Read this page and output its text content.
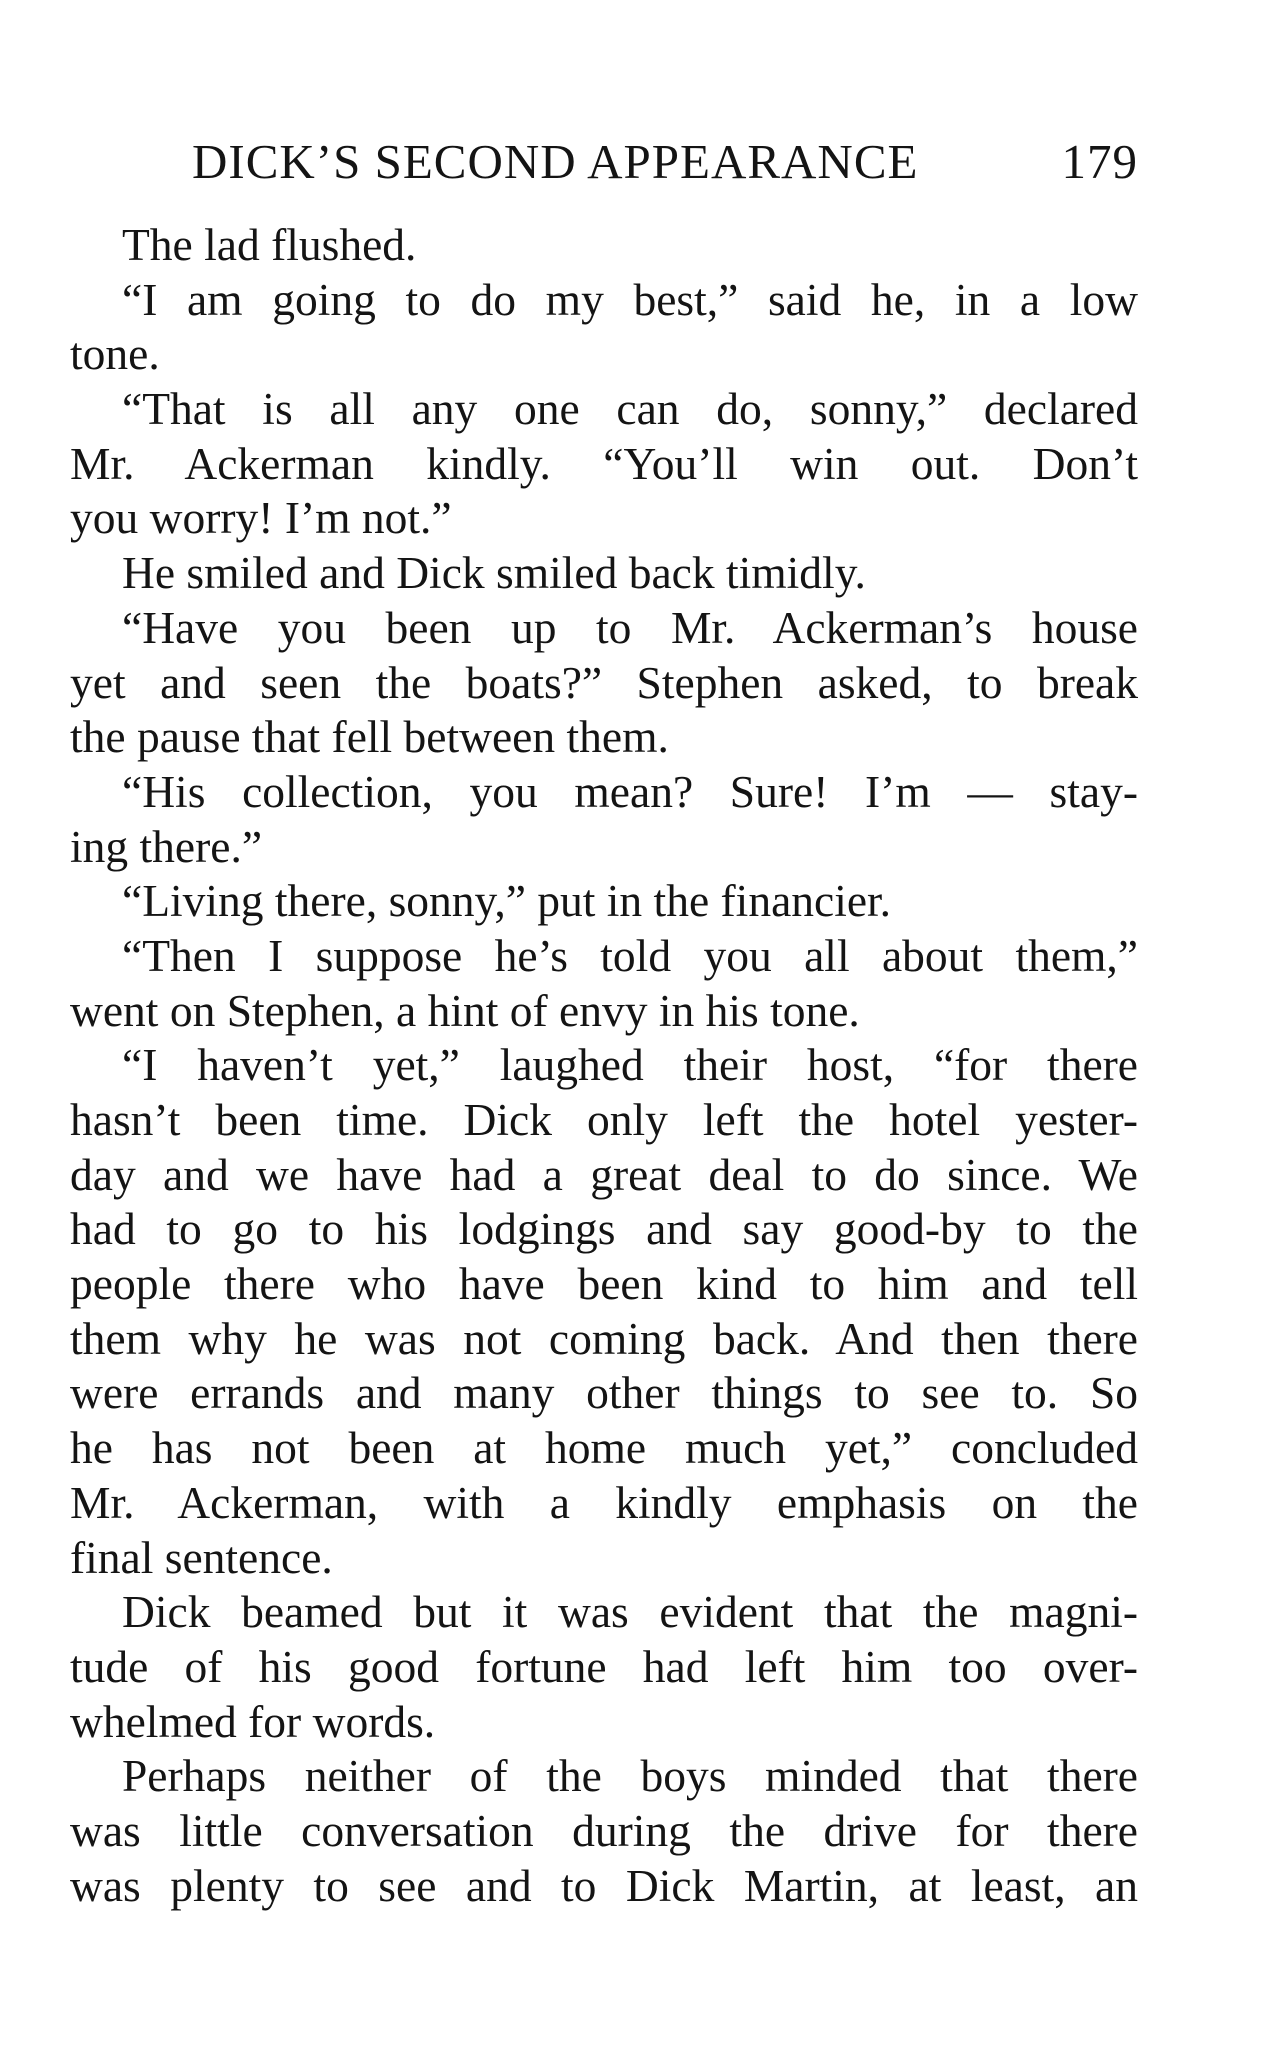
DICK’S SECOND APPEARANCE	179
The lad flushed.
“I am going to do my best,” said he, in a low
tone.
“That is all any one can do, sonny,” declared
Mr. Ackerman kindly. “You’ll win out. Don’t
you worry! I’m not.”
He smiled and Dick smiled back timidly.
“Have you been up to Mr. Ackerman’s house
yet and seen the boats?” Stephen asked, to break
the pause that fell between them.
“His collection, you mean? Sure! I’m — stay-
ing there.”
“Living there, sonny,” put in the financier.
“Then I suppose he’s told you all about them,”
went on Stephen, a hint of envy in his tone.
“I haven’t yet,” laughed their host, “for there
hasn’t been time. Dick only left the hotel yester-
day and we have had a great deal to do since. We
had to go to his lodgings and say good-by to the
people there who have been kind to him and tell
them why he was not coming back. And then there
were errands and many other things to see to. So
he has not been at home much yet,” concluded
Mr. Ackerman, with a kindly emphasis on the
final sentence.
Dick beamed but it was evident that the magni-
tude of his good fortune had left him too over-
whelmed for words.
Perhaps neither of the boys minded that there
was little conversation during the drive for there
was plenty to see and to Dick Martin, at least, an
